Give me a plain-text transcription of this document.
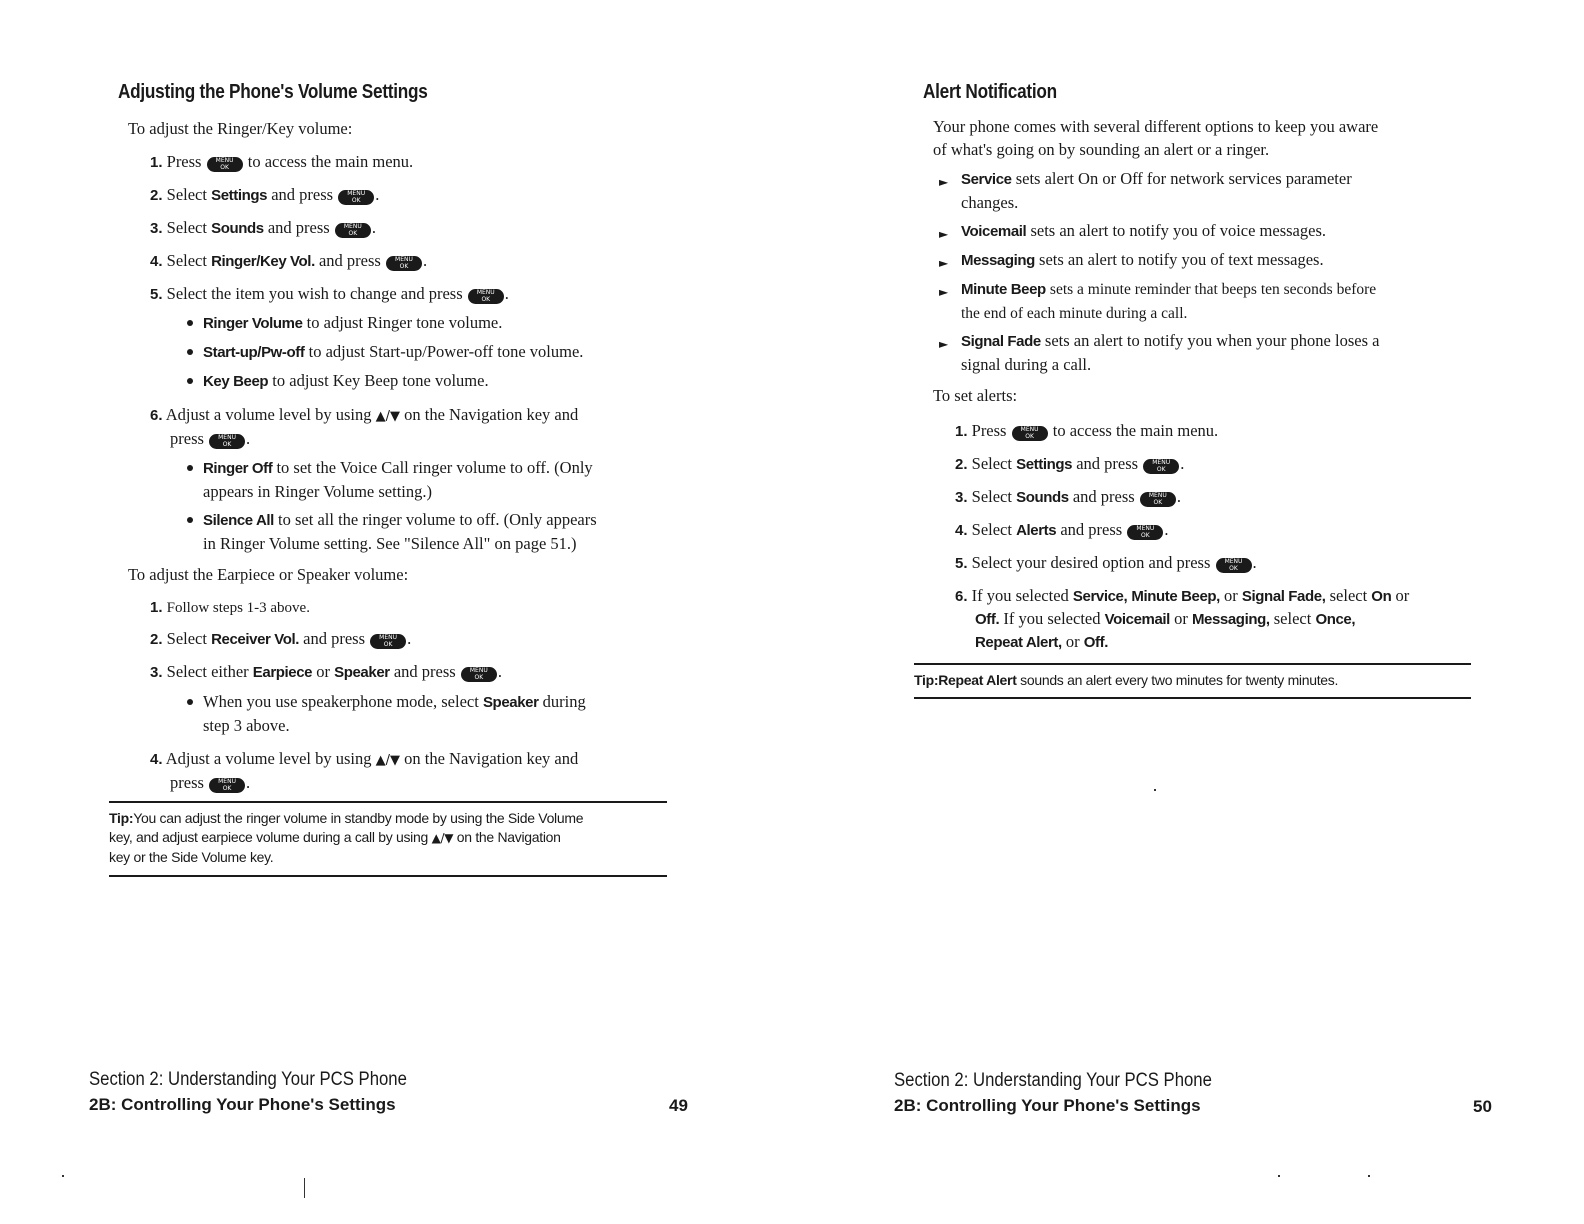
Adjusting the Phone's Volume Settings

To adjust the Ringer/Key volume:

1. Press	MENU
OK	to access the main menu.
2. Select Settings and press	MENU
OK .
3. Select Sounds and press	MENU
OK .
4. Select Ringer/Key Vol. and press	MENU
OK .
5. Select the item you wish to change and press	MENU
OK .
Ringer Volume to adjust Ringer tone volume.
Start-up/Pw-off to adjust Start-up/Power-off tone volume.
Key Beep to adjust Key Beep tone volume.
6. Adjust a volume level by using ▲/▼ on the Navigation key and
press	MENU
OK .
Ringer Off to set the Voice Call ringer volume to off. (Only
appears in Ringer Volume setting.)
Silence All to set all the ringer volume to off. (Only appears
in Ringer Volume setting. See "Silence All" on page 51.)

To adjust the Earpiece or Speaker volume:

1. Follow steps 1-3 above.
2. Select Receiver Vol. and press	MENU
OK .
3. Select either Earpiece or Speaker and press	MENU
OK .
When you use speakerphone mode, select Speaker during
step 3 above.
4. Adjust a volume level by using ▲/▼ on the Navigation key and
press	MENU
OK .

Tip:You can adjust the ringer volume in standby mode by using the Side Volume
key, and adjust earpiece volume during a call by using ▲/▼ on the Navigation
key or the Side Volume key.

Section 2: Understanding Your PCS Phone
2B: Controlling Your Phone's Settings	49
Alert Notification

Your phone comes with several different options to keep you aware
of what's going on by sounding an alert or a ringer.

► Service sets alert On or Off for network services parameter
changes.
► Voicemail sets an alert to notify you of voice messages.
► Messaging sets an alert to notify you of text messages.
► Minute Beep sets a minute reminder that beeps ten seconds before
the end of each minute during a call.
► Signal Fade sets an alert to notify you when your phone loses a
signal during a call.

To set alerts:

1. Press	MENU
OK	to access the main menu.
2. Select Settings and press	MENU
OK .
3. Select Sounds and press	MENU
OK .
4. Select Alerts and press	MENU
OK .
5. Select your desired option and press	MENU
OK .
6. If you selected Service, Minute Beep, or Signal Fade, select On or
Off. If you selected Voicemail or Messaging, select Once,
Repeat Alert, or Off.

Tip:Repeat Alert sounds an alert every two minutes for twenty minutes.

Section 2: Understanding Your PCS Phone
2B: Controlling Your Phone's Settings	50
